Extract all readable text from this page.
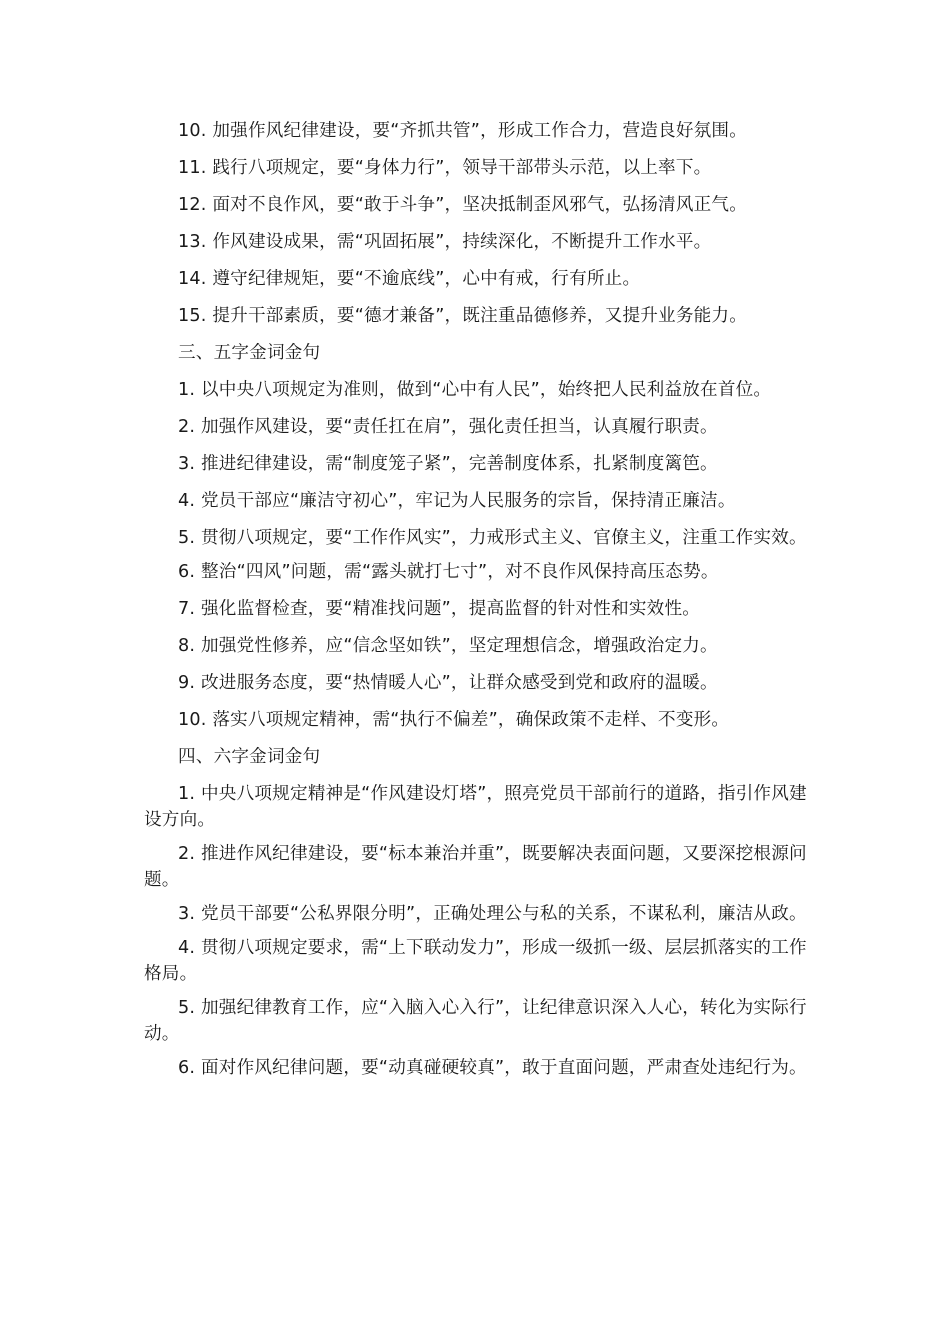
10. 加强作风纪律建设，要“齐抓共管”，形成工作合力，营造良好氛围。

11. 践行八项规定，要“身体力行”，领导干部带头示范，以上率下。

12. 面对不良作风，要“敢于斗争”，坚决抵制歪风邪气，弘扬清风正气。

13. 作风建设成果，需“巩固拓展”，持续深化，不断提升工作水平。

14. 遵守纪律规矩，要“不逾底线”，心中有戒，行有所止。

15. 提升干部素质，要“德才兼备”，既注重品德修养，又提升业务能力。

三、五字金词金句

1. 以中央八项规定为准则，做到“心中有人民”，始终把人民利益放在首位。

2. 加强作风建设，要“责任扛在肩”，强化责任担当，认真履行职责。

3. 推进纪律建设，需“制度笼子紧”，完善制度体系，扎紧制度篱笆。

4. 党员干部应“廉洁守初心”，牢记为人民服务的宗旨，保持清正廉洁。

5. 贯彻八项规定，要“工作作风实”，力戒形式主义、官僚主义，注重工作实效。

6. 整治“四风”问题，需“露头就打七寸”，对不良作风保持高压态势。

7. 强化监督检查，要“精准找问题”，提高监督的针对性和实效性。

8. 加强党性修养，应“信念坚如铁”，坚定理想信念，增强政治定力。

9. 改进服务态度，要“热情暖人心”，让群众感受到党和政府的温暖。

10. 落实八项规定精神，需“执行不偏差”，确保政策不走样、不变形。

四、六字金词金句

1. 中央八项规定精神是“作风建设灯塔”，照亮党员干部前行的道路，指引作风建设方向。

2. 推进作风纪律建设，要“标本兼治并重”，既要解决表面问题，又要深挖根源问题。

3. 党员干部要“公私界限分明”，正确处理公与私的关系，不谋私利，廉洁从政。

4. 贯彻八项规定要求，需“上下联动发力”，形成一级抓一级、层层抓落实的工作格局。

5. 加强纪律教育工作，应“入脑入心入行”，让纪律意识深入人心，转化为实际行动。

6. 面对作风纪律问题，要“动真碰硬较真”，敢于直面问题，严肃查处违纪行为。
